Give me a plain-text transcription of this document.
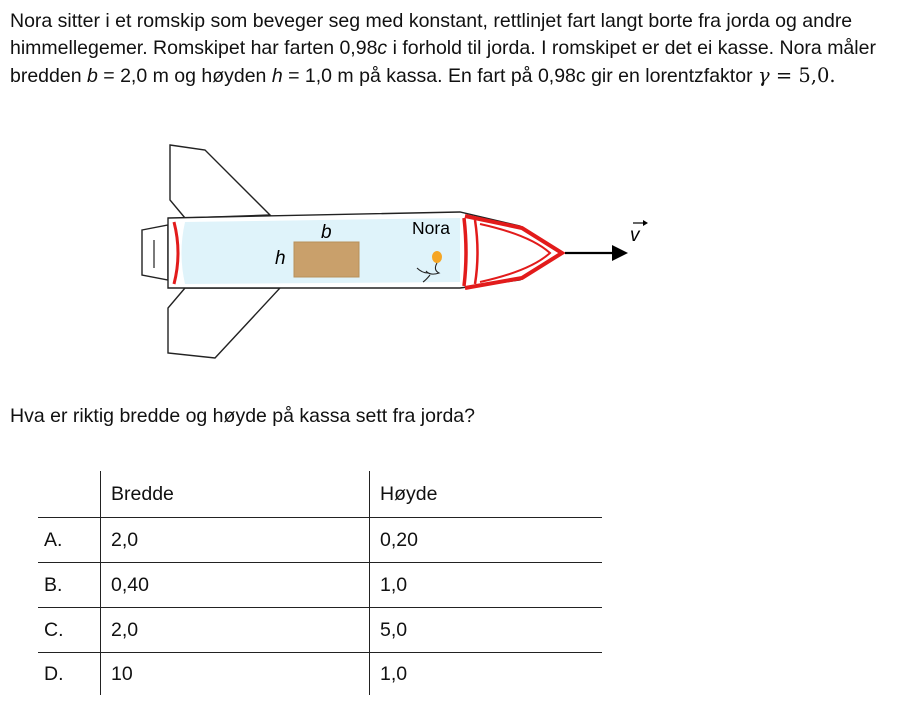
Nora sitter i et romskip som beveger seg med konstant, rettlinjet fart langt borte fra jorda og andre himmellegemer. Romskipet har farten 0,98c i forhold til jorda. I romskipet er det ei kasse. Nora måler bredden b = 2,0 m og høyden h = 1,0 m på kassa. En fart på 0,98c gir en lorentzfaktor γ = 5,0.

b
h
Nora	v

Hva er riktig bredde og høyde på kassa sett fra jorda?

	Bredde	Høyde
A.	2,0	0,20
B.	0,40	1,0
C.	2,0	5,0
D.	10	1,0
